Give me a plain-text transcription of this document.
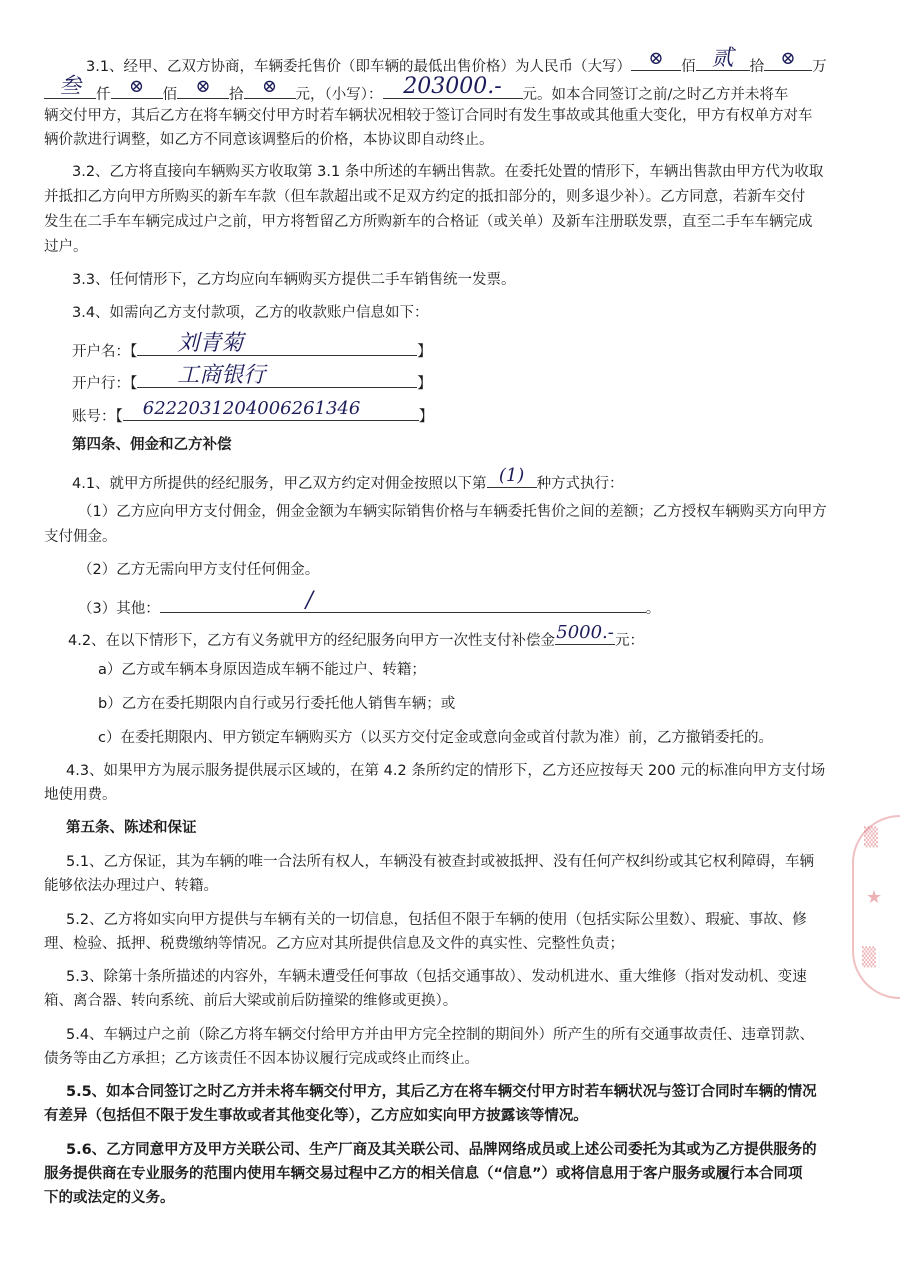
3.1、经甲、乙双方协商，车辆委托售价（即车辆的最低出售价格）为人民币（大写） ⊗	佰 贰	拾 ⊗	万
叁	仟	⊗	佰	⊗	拾	⊗	元，（小写）： 203000.-	元。如本合同签订之前/之时乙方并未将车
辆交付甲方，其后乙方在将车辆交付甲方时若车辆状况相较于签订合同时有发生事故或其他重大变化，甲方有权单方对车
辆价款进行调整，如乙方不同意该调整后的价格，本协议即自动终止。
3.2、乙方将直接向车辆购买方收取第 3.1 条中所述的车辆出售款。在委托处置的情形下，车辆出售款由甲方代为收取
并抵扣乙方向甲方所购买的新车车款（但车款超出或不足双方约定的抵扣部分的，则多退少补）。乙方同意，若新车交付
发生在二手车车辆完成过户之前，甲方将暂留乙方所购新车的合格证（或关单）及新车注册联发票，直至二手车车辆完成
过户。
3.3、任何情形下，乙方均应向车辆购买方提供二手车销售统一发票。
3.4、如需向乙方支付款项，乙方的收款账户信息如下：
开户名：【 刘青菊	】
开户行：【 工商银行	】
账号：【 6222031204006261346	】
第四条、佣金和乙方补偿
4.1、就甲方所提供的经纪服务，甲乙双方约定对佣金按照以下第 (1) 种方式执行：
（1）乙方应向甲方支付佣金，佣金金额为车辆实际销售价格与车辆委托售价之间的差额；乙方授权车辆购买方向甲方
支付佣金。
（2）乙方无需向甲方支付任何佣金。
（3）其他：	/	。
4.2、在以下情形下，乙方有义务就甲方的经纪服务向甲方一次性支付补偿金 5000.- 元：
a）乙方或车辆本身原因造成车辆不能过户、转籍；
b）乙方在委托期限内自行或另行委托他人销售车辆；或
c）在委托期限内、甲方锁定车辆购买方（以买方交付定金或意向金或首付款为准）前，乙方撤销委托的。
4.3、如果甲方为展示服务提供展示区域的，在第 4.2 条所约定的情形下，乙方还应按每天 200 元的标准向甲方支付场
地使用费。
第五条、陈述和保证
5.1、乙方保证，其为车辆的唯一合法所有权人，车辆没有被查封或被抵押、没有任何产权纠纷或其它权利障碍，车辆
能够依法办理过户、转籍。
5.2、乙方将如实向甲方提供与车辆有关的一切信息，包括但不限于车辆的使用（包括实际公里数）、瑕疵、事故、修
理、检验、抵押、税费缴纳等情况。乙方应对其所提供信息及文件的真实性、完整性负责；
5.3、除第十条所描述的内容外，车辆未遭受任何事故（包括交通事故）、发动机进水、重大维修（指对发动机、变速
箱、离合器、转向系统、前后大梁或前后防撞梁的维修或更换）。
5.4、车辆过户之前（除乙方将车辆交付给甲方并由甲方完全控制的期间外）所产生的所有交通事故责任、违章罚款、
债务等由乙方承担；乙方该责任不因本协议履行完成或终止而终止。
5.5、如本合同签订之时乙方并未将车辆交付甲方，其后乙方在将车辆交付甲方时若车辆状况与签订合同时车辆的情况
有差异（包括但不限于发生事故或者其他变化等），乙方应如实向甲方披露该等情况。
5.6、乙方同意甲方及甲方关联公司、生产厂商及其关联公司、品牌网络成员或上述公司委托为其或为乙方提供服务的
服务提供商在专业服务的范围内使用车辆交易过程中乙方的相关信息（“信息”）或将信息用于客户服务或履行本合同项
下的或法定的义务。
▒
★
▒
